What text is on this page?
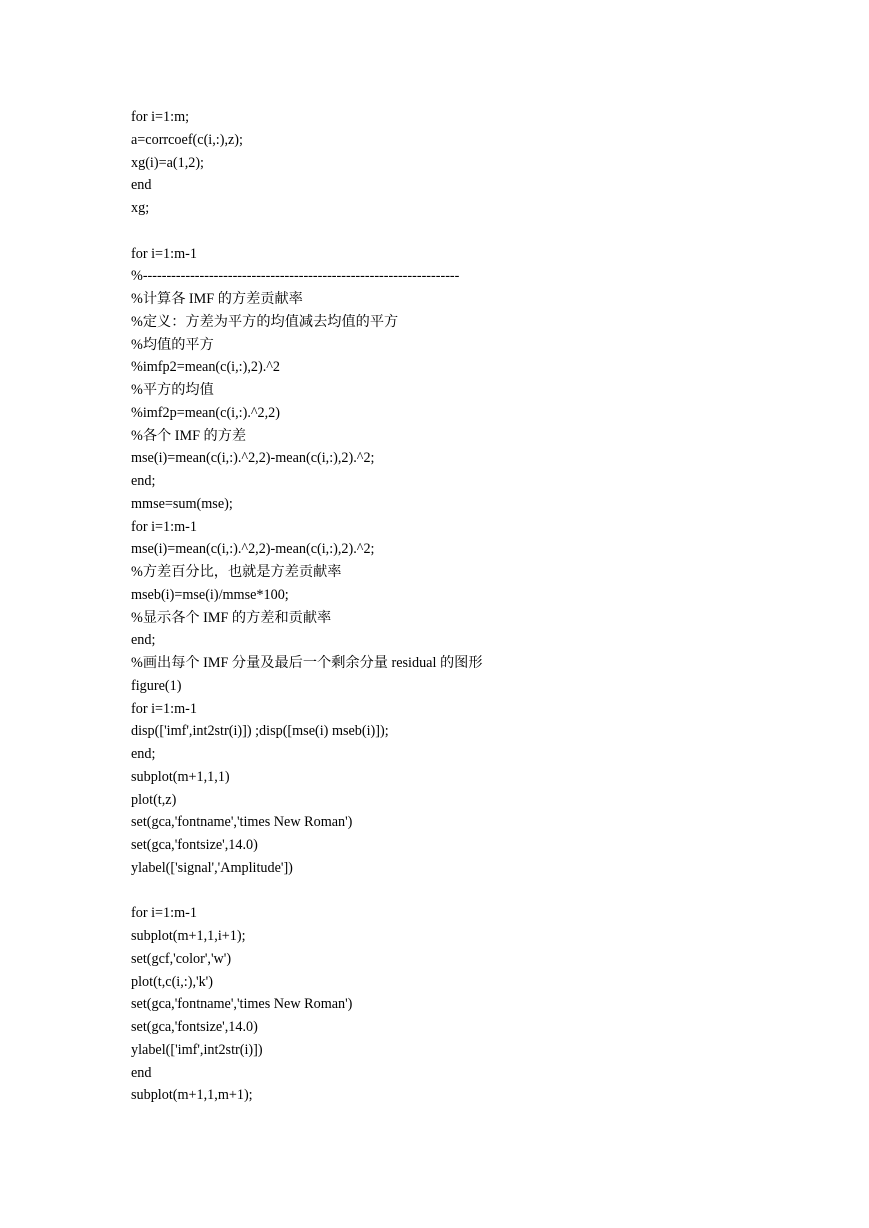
for i=1:m;
a=corrcoef(c(i,:),z);
xg(i)=a(1,2);
end
xg;
for i=1:m-1
%-------------------------------------------------------------------
%计算各 IMF 的方差贡献率
%定义：方差为平方的均值减去均值的平方
%均值的平方
%imfp2=mean(c(i,:),2).^2
%平方的均值
%imf2p=mean(c(i,:).^2,2)
%各个 IMF 的方差
mse(i)=mean(c(i,:).^2,2)-mean(c(i,:),2).^2;
end;
mmse=sum(mse);
for i=1:m-1
mse(i)=mean(c(i,:).^2,2)-mean(c(i,:),2).^2;
%方差百分比，也就是方差贡献率
mseb(i)=mse(i)/mmse*100;
%显示各个 IMF 的方差和贡献率
end;
%画出每个 IMF 分量及最后一个剩余分量 residual 的图形
figure(1)
for i=1:m-1
disp(['imf',int2str(i)]) ;disp([mse(i) mseb(i)]);
end;
subplot(m+1,1,1)
plot(t,z)
set(gca,'fontname','times New Roman')
set(gca,'fontsize',14.0)
ylabel(['signal','Amplitude'])
for i=1:m-1
subplot(m+1,1,i+1);
set(gcf,'color','w')
plot(t,c(i,:),'k')
set(gca,'fontname','times New Roman')
set(gca,'fontsize',14.0)
ylabel(['imf',int2str(i)])
end
subplot(m+1,1,m+1);
